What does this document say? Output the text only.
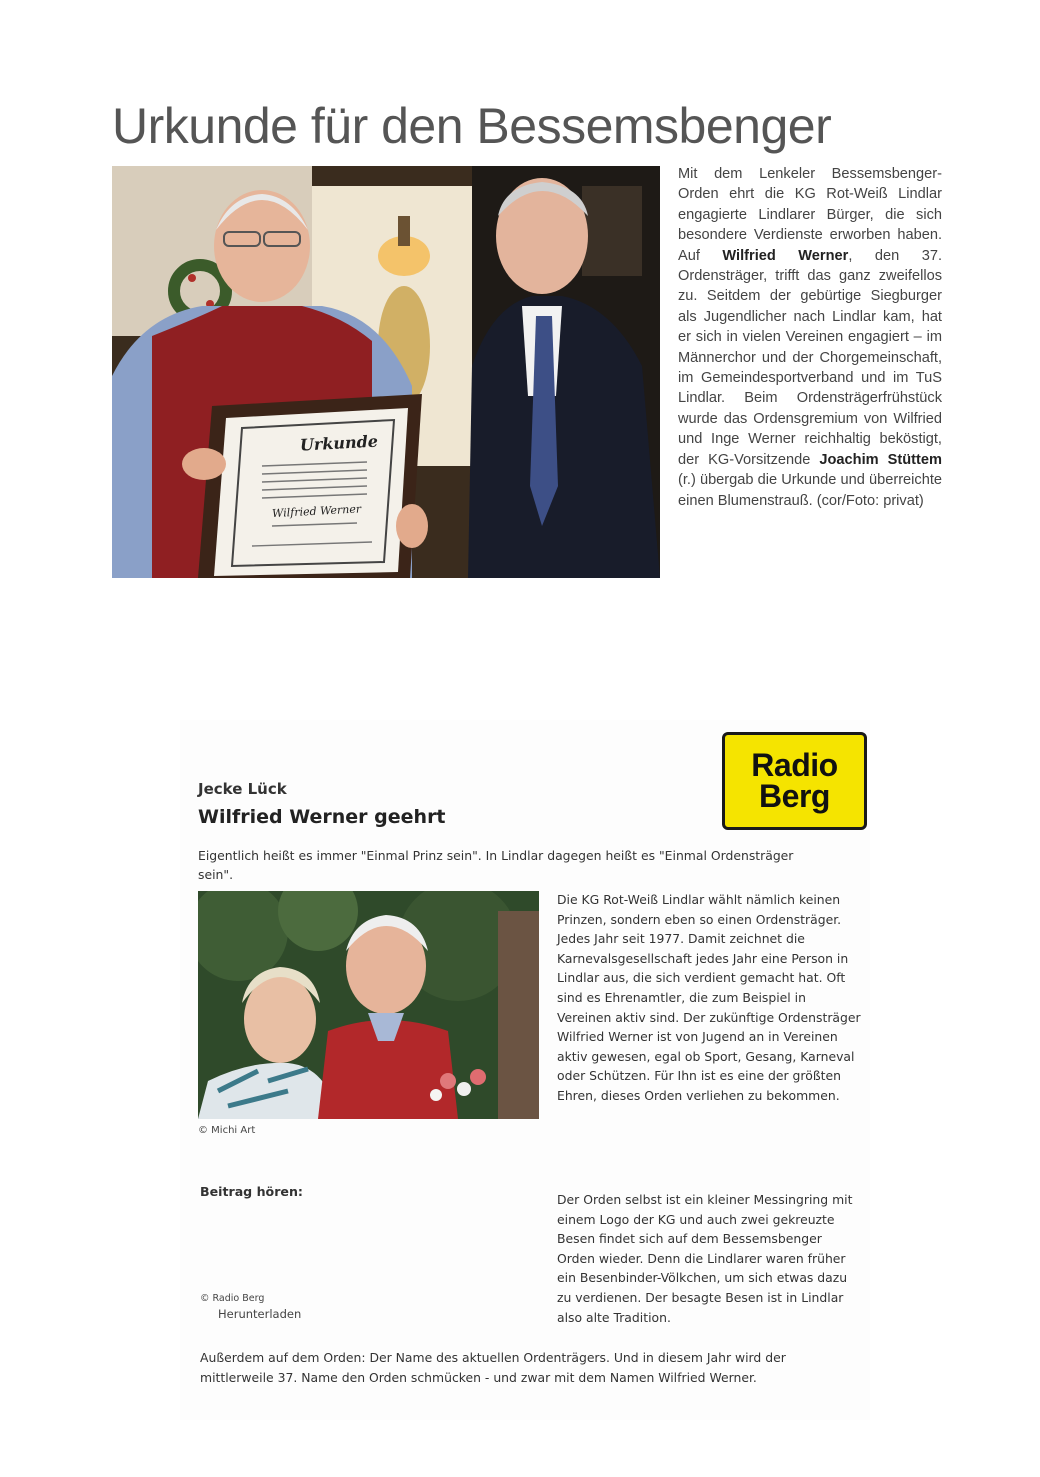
Urkunde für den Bessemsbenger
Urkunde
Wilfried Werner
Mit dem Lenkeler Bessemsbenger-Orden ehrt die KG Rot-Weiß Lindlar engagierte Lindlarer Bürger, die sich besondere Verdienste erworben haben. Auf Wilfried Werner, den 37. Ordensträger, trifft das ganz zweifellos zu. Seitdem der gebürtige Siegburger als Jugendlicher nach Lindlar kam, hat er sich in vielen Vereinen engagiert – im Männerchor und der Chorgemeinschaft, im Gemeindesportverband und im TuS Lindlar. Beim Ordensträgerfrühstück wurde das Ordensgremium von Wilfried und Inge Werner reichhaltig beköstigt, der KG-Vorsitzende Joachim Stüttem (r.) übergab die Urkunde und überreichte einen Blumenstrauß. (cor/Foto: privat)
Jecke Lück
Wilfried Werner geehrt
Radio
Berg

Eigentlich heißt es immer "Einmal Prinz sein". In Lindlar dagegen heißt es "Einmal Ordensträger sein".

© Michi Art

Die KG Rot-Weiß Lindlar wählt nämlich keinen Prinzen, sondern eben so einen Ordensträger. Jedes Jahr seit 1977. Damit zeichnet die Karnevalsgesellschaft jedes Jahr eine Person in Lindlar aus, die sich verdient gemacht hat. Oft sind es Ehrenamtler, die zum Beispiel in Vereinen aktiv sind. Der zukünftige Ordensträger Wilfried Werner ist von Jugend an in Vereinen aktiv gewesen, egal ob Sport, Gesang, Karneval oder Schützen. Für Ihn ist es eine der größten Ehren, dieses Orden verliehen zu bekommen.

Beitrag hören:

Der Orden selbst ist ein kleiner Messingring mit einem Logo der KG und auch zwei gekreuzte Besen findet sich auf dem Bessemsbenger Orden wieder. Denn die Lindlarer waren früher ein Besenbinder-Völkchen, um sich etwas dazu zu verdienen. Der besagte Besen ist in Lindlar also alte Tradition.

© Radio Berg
Herunterladen

Außerdem auf dem Orden: Der Name des aktuellen Ordenträgers. Und in diesem Jahr wird der mittlerweile 37. Name den Orden schmücken - und zwar mit dem Namen Wilfried Werner.
